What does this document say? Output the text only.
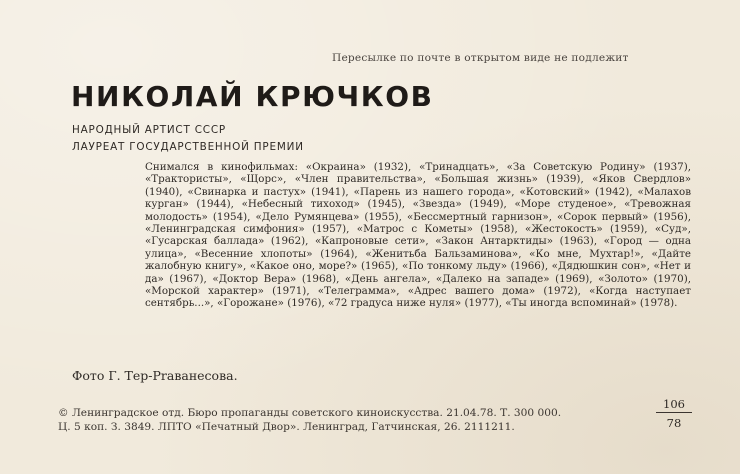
Пересылке по почте в открытом виде не подлежит
НИКОЛАЙ КРЮЧКОВ
НАРОДНЫЙ АРТИСТ СССР
ЛАУРЕАТ ГОСУДАРСТВЕННОЙ ПРЕМИИ
Снимался в кинофильмах: «Окраина» (1932), «Тринадцать», «За Советскую Родину» (1937), «Трактористы», «Щорс», «Член правительства», «Большая жизнь» (1939), «Яков Свердлов» (1940), «Свинарка и пастух» (1941), «Парень из нашего города», «Котовский» (1942), «Малахов курган» (1944), «Небесный тихоход» (1945), «Звезда» (1949), «Море студеное», «Тревожная молодость» (1954), «Дело Румянцева» (1955), «Бессмертный гарнизон», «Сорок первый» (1956), «Ленинградская симфония» (1957), «Матрос с Кометы» (1958), «Жестокость» (1959), «Суд», «Гусарская баллада» (1962), «Капроновые сети», «Закон Антарктиды» (1963), «Город — одна улица», «Весенние хлопоты» (1964), «Женитьба Бальзаминова», «Ко мне, Мухтар!», «Дайте жалобную книгу», «Какое оно, море?» (1965), «По тонкому льду» (1966), «Дядюшкин сон», «Нет и да» (1967), «Доктор Вера» (1968), «День ангела», «Далеко на западе» (1969), «Золото» (1970), «Морской характер» (1971), «Телеграмма», «Адрес вашего дома» (1972), «Когда наступает сентябрь...», «Горожане» (1976), «72 градуса ниже нуля» (1977), «Ты иногда вспоминай» (1978).
Фото Г. Тер-Praвaнесова.
© Ленинградское отд. Бюро пропаганды советского киноискусства. 21.04.78. Т. 300 000.
Ц. 5 коп. З. 3849. ЛПТО «Печатный Двор». Ленинград, Гатчинская, 26. 2111211.
106
78
